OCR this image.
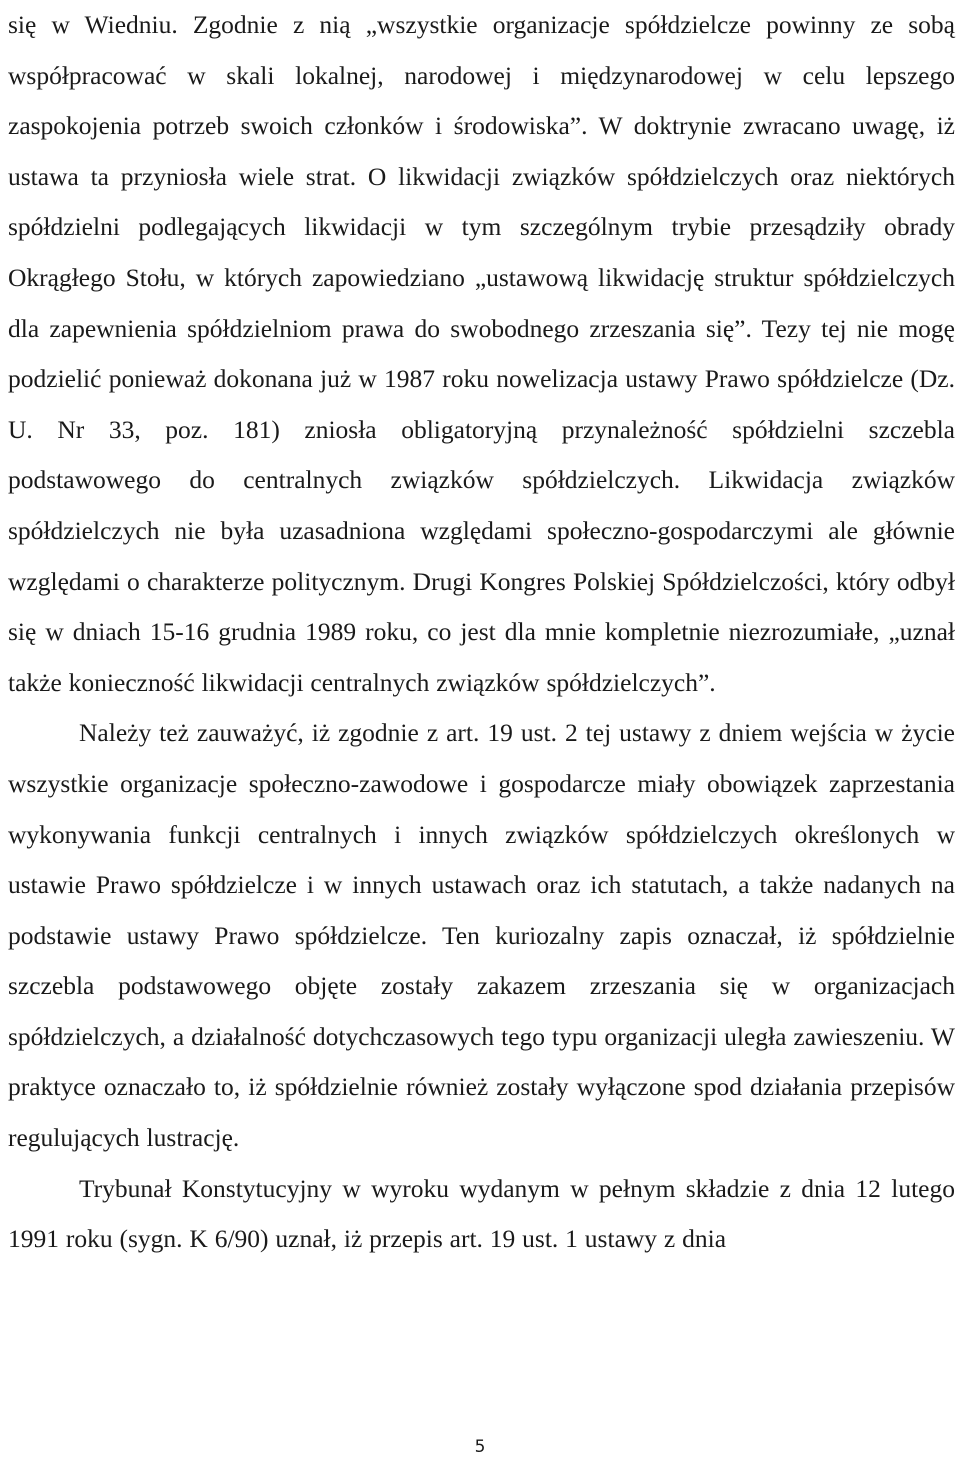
się w Wiedniu. Zgodnie z nią „wszystkie organizacje spółdzielcze powinny ze sobą współpracować w skali lokalnej, narodowej i międzynarodowej w celu lepszego zaspokojenia potrzeb swoich członków i środowiska”. W doktrynie zwracano uwagę, iż ustawa ta przyniosła wiele strat. O likwidacji związków spółdzielczych oraz niektórych spółdzielni podlegających likwidacji w tym szczególnym trybie przesądziły obrady Okrągłego Stołu, w których zapowiedziano „ustawową likwidację struktur spółdzielczych dla zapewnienia spółdzielniom prawa do swobodnego zrzeszania się”. Tezy tej nie mogę podzielić ponieważ dokonana już w 1987 roku nowelizacja ustawy Prawo spółdzielcze (Dz. U. Nr 33, poz. 181) zniosła obligatoryjną przynależność spółdzielni szczebla podstawowego do centralnych związków spółdzielczych. Likwidacja związków spółdzielczych nie była uzasadniona względami społeczno-gospodarczymi ale głównie względami o charakterze politycznym. Drugi Kongres Polskiej Spółdzielczości, który odbył się w dniach 15-16 grudnia 1989 roku, co jest dla mnie kompletnie niezrozumiałe, „uznał także konieczność likwidacji centralnych związków spółdzielczych”.

Należy też zauważyć, iż zgodnie z art. 19 ust. 2 tej ustawy z dniem wejścia w życie wszystkie organizacje społeczno-zawodowe i gospodarcze miały obowiązek zaprzestania wykonywania funkcji centralnych i innych związków spółdzielczych określonych w ustawie Prawo spółdzielcze i w innych ustawach oraz ich statutach, a także nadanych na podstawie ustawy Prawo spółdzielcze. Ten kuriozalny zapis oznaczał, iż spółdzielnie szczebla podstawowego objęte zostały zakazem zrzeszania się w organizacjach spółdzielczych, a działalność dotychczasowych tego typu organizacji uległa zawieszeniu. W praktyce oznaczało to, iż spółdzielnie również zostały wyłączone spod działania przepisów regulujących lustrację.

Trybunał Konstytucyjny w wyroku wydanym w pełnym składzie z dnia 12 lutego 1991 roku (sygn. K 6/90) uznał, iż przepis art. 19 ust. 1 ustawy z dnia

5
